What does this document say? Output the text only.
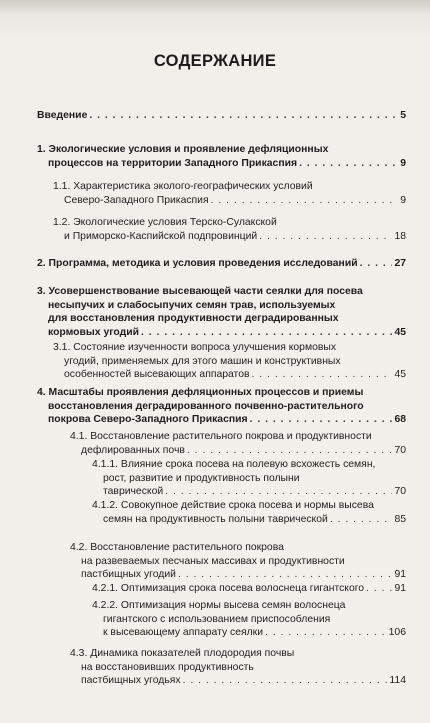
СОДЕРЖАНИЕ
Введение . . .	5
1. Экологические условия и проявление дефляционных
процессов на территории Западного Прикаспия . . .	9
1.1. Характеристика эколого-географических условий
Северо-Западного Прикаспия . . .	9
1.2. Экологические условия Терско-Сулакской
и Приморско-Каспийской подпровинций . . .	18
2. Программа, методика и условия проведения исследований . . .	27
3. Усовершенствование высевающей части сеялки для посева
несыпучих и слабосыпучих семян трав, используемых
для восстановления продуктивности деградированных
кормовых угодий . . .	45
3.1. Состояние изученности вопроса улучшения кормовых
угодий, применяемых для этого машин и конструктивных
особенностей высевающих аппаратов . . .	45
4. Масштабы проявления дефляционных процессов и приемы
восстановления деградированного почвенно-растительного
покрова Северо-Западного Прикаспия . . .	68
4.1. Восстановление растительного покрова и продуктивности
дефлированных почв . . .	70
4.1.1. Влияние срока посева на полевую всхожесть семян,
рост, развитие и продуктивность полыни
таврической . . .	70
4.1.2. Совокупное действие срока посева и нормы высева
семян на продуктивность полыни таврической . . .	85
4.2. Восстановление растительного покрова
на развеваемых песчаных массивах и продуктивности
пастбищных угодий . . .	91
4.2.1. Оптимизация срока посева волоснеца гигантского . . .	91
4.2.2. Оптимизация нормы высева семян волоснеца
гигантского с использованием приспособления
к высевающему аппарату сеялки . . .	106
4.3. Динамика показателей плодородия почвы
на восстановивших продуктивность
пастбищных угодьях . . .	114
